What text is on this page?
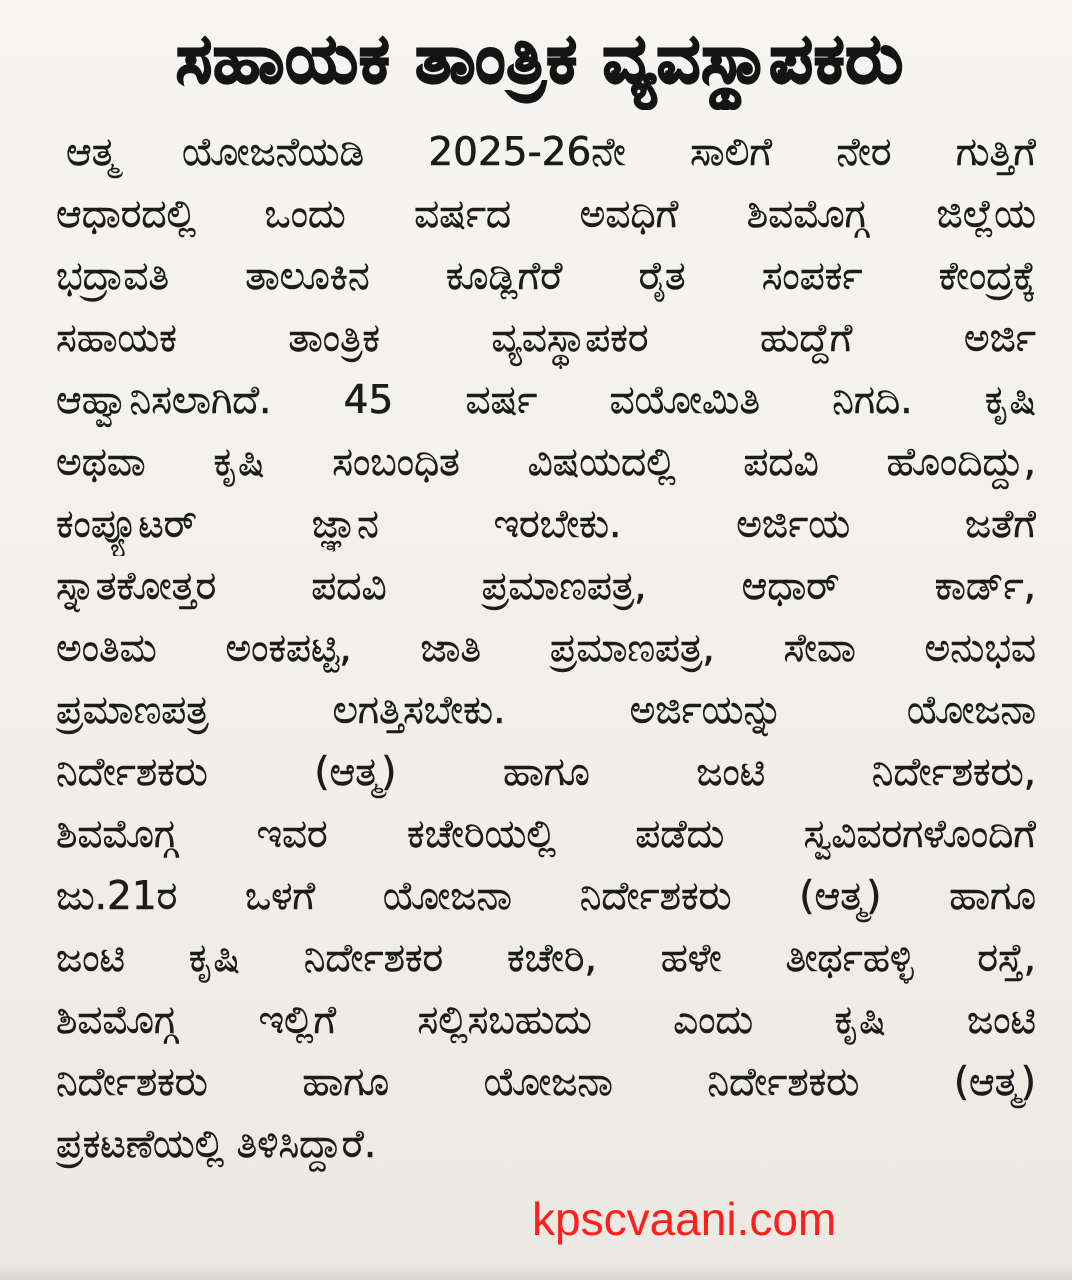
ಸಹಾಯಕ ತಾಂತ್ರಿಕ ವ್ಯವಸ್ಥಾಪಕರು
ಆತ್ಮ ಯೋಜನೆಯಡಿ 2025-26ನೇ ಸಾಲಿಗೆ ನೇರ ಗುತ್ತಿಗೆ
ಆಧಾರದಲ್ಲಿ ಒಂದು ವರ್ಷದ ಅವಧಿಗೆ ಶಿವಮೊಗ್ಗ ಜಿಲ್ಲೆಯ
ಭದ್ರಾವತಿ ತಾಲೂಕಿನ ಕೂಡ್ಲಿಗೆರೆ ರೈತ ಸಂಪರ್ಕ ಕೇಂದ್ರಕ್ಕೆ
ಸಹಾಯಕ ತಾಂತ್ರಿಕ ವ್ಯವಸ್ಥಾಪಕರ ಹುದ್ದೆಗೆ ಅರ್ಜಿ
ಆಹ್ವಾನಿಸಲಾಗಿದೆ. 45 ವರ್ಷ ವಯೋಮಿತಿ ನಿಗದಿ. ಕೃಷಿ
ಅಥವಾ ಕೃಷಿ ಸಂಬಂಧಿತ ವಿಷಯದಲ್ಲಿ ಪದವಿ ಹೊಂದಿದ್ದು,
ಕಂಪ್ಯೂಟರ್ ಜ್ಞಾನ ಇರಬೇಕು. ಅರ್ಜಿಯ ಜತೆಗೆ
ಸ್ನಾತಕೋತ್ತರ ಪದವಿ ಪ್ರಮಾಣಪತ್ರ, ಆಧಾರ್ ಕಾರ್ಡ್,
ಅಂತಿಮ ಅಂಕಪಟ್ಟಿ, ಜಾತಿ ಪ್ರಮಾಣಪತ್ರ, ಸೇವಾ ಅನುಭವ
ಪ್ರಮಾಣಪತ್ರ ಲಗತ್ತಿಸಬೇಕು. ಅರ್ಜಿಯನ್ನು ಯೋಜನಾ
ನಿರ್ದೇಶಕರು (ಆತ್ಮ) ಹಾಗೂ ಜಂಟಿ ನಿರ್ದೇಶಕರು,
ಶಿವಮೊಗ್ಗ ಇವರ ಕಚೇರಿಯಲ್ಲಿ ಪಡೆದು ಸ್ವವಿವರಗಳೊಂದಿಗೆ
ಜು.21ರ ಒಳಗೆ ಯೋಜನಾ ನಿರ್ದೇಶಕರು (ಆತ್ಮ) ಹಾಗೂ
ಜಂಟಿ ಕೃಷಿ ನಿರ್ದೇಶಕರ ಕಚೇರಿ, ಹಳೇ ತೀರ್ಥಹಳ್ಳಿ ರಸ್ತೆ,
ಶಿವಮೊಗ್ಗ ಇಲ್ಲಿಗೆ ಸಲ್ಲಿಸಬಹುದು ಎಂದು ಕೃಷಿ ಜಂಟಿ
ನಿರ್ದೇಶಕರು ಹಾಗೂ ಯೋಜನಾ ನಿರ್ದೇಶಕರು (ಆತ್ಮ)
ಪ್ರಕಟಣೆಯಲ್ಲಿ ತಿಳಿಸಿದ್ದಾರೆ.
kpscvaani.com
